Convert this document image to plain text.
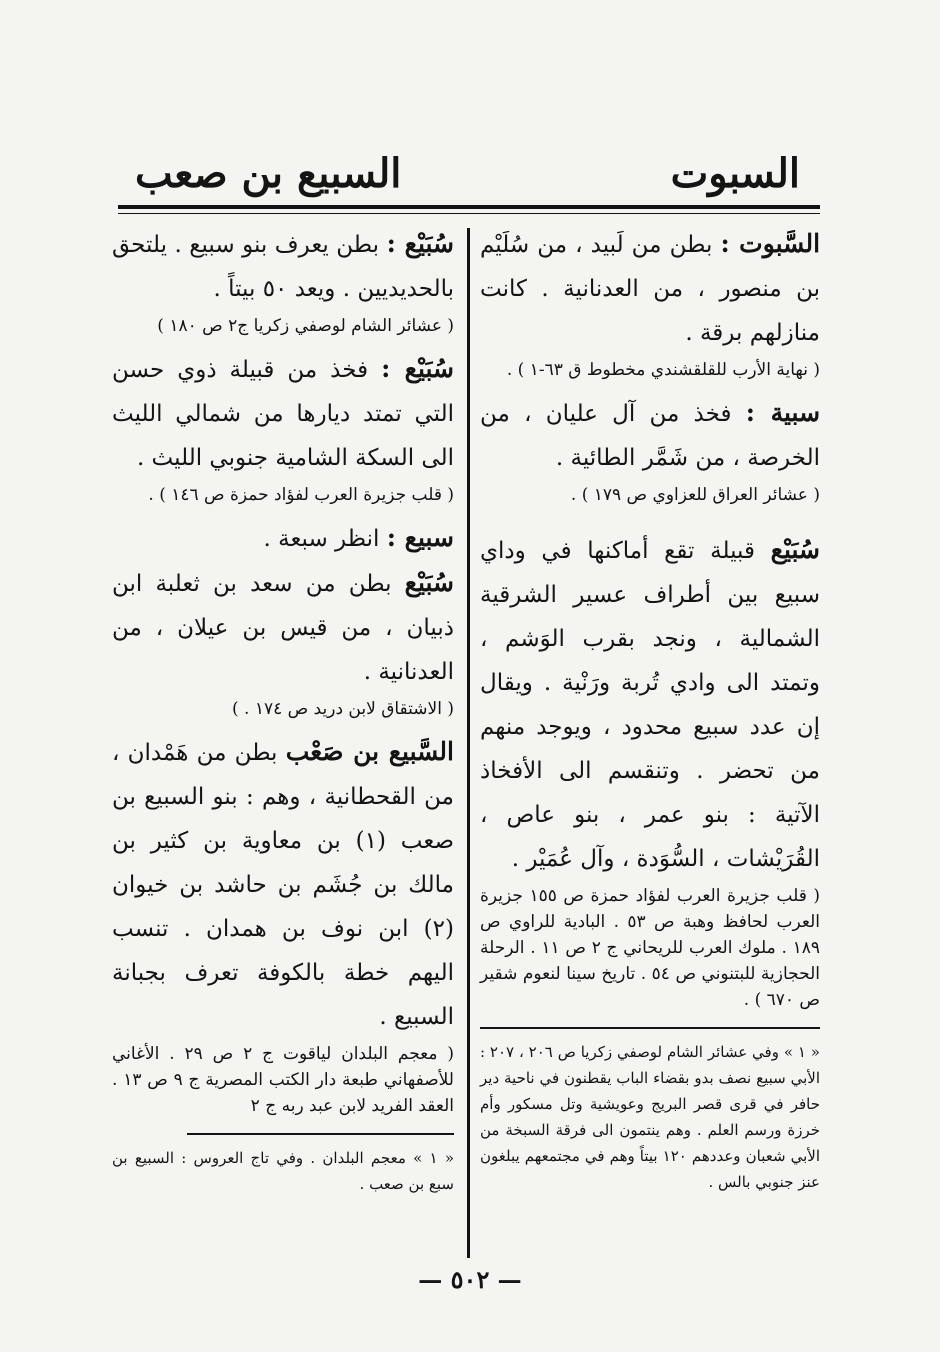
السبوت
السبيع بن صعب

السَّبوت : بطن من لَبيد ، من سُلَيْم بن منصور ، من العدنانية . كانت منازلهم برقة .

( نهاية الأرب للقلقشندي مخطوط ق ٦٣-١ ) .

سبية : فخذ من آل عليان ، من الخرصة ، من شَمَّر الطائية .

( عشائر العراق للعزاوي ص ١٧٩ ) .

سُبَيْع قبيلة تقع أماكنها في وداي سبيع بين أطراف عسير الشرقية الشمالية ، ونجد بقرب الوَشم ، وتمتد الى وادي تُربة ورَنْية . ويقال إن عدد سبيع محدود ، ويوجد منهم من تحضر . وتنقسم الى الأفخاذ الآتية : بنو عمر ، بنو عاص ، القُرَيْشات ، السُّوَدة ، وآل عُمَيْر .

( قلب جزيرة العرب لفؤاد حمزة ص ١٥٥ جزيرة العرب لحافظ وهبة ص ٥٣ . البادية للراوي ص ١٨٩ . ملوك العرب للريحاني ج ٢ ص ١١ . الرحلة الحجازية للبتنوني ص ٥٤ . تاريخ سينا لنعوم شقير ص ٦٧٠ ) .

« ١ » وفي عشائر الشام لوصفي زكريا ص ٢٠٦ ، ٢٠٧ : الأبي سبيع نصف بدو بقضاء الباب يقطنون في ناحية دير حافر في قرى قصر البريج وعويشية وتل مسكور وأم خرزة ورسم العلم . وهم ينتمون الى فرقة السبخة من الأبي شعبان وعددهم ١٢٠ بيتاً وهم في مجتمعهم يبلغون عنز جنوبي بالس .

سُبَيْع : بطن يعرف بنو سبيع . يلتحق بالحديديين . ويعد ٥٠ بيتاً .

( عشائر الشام لوصفي زكريا ج٢ ص ١٨٠ )

سُبَيْع : فخذ من قبيلة ذوي حسن التي تمتد ديارها من شمالي الليث الى السكة الشامية جنوبي الليث .

( قلب جزيرة العرب لفؤاد حمزة ص ١٤٦ ) .

سبيع : انظر سبعة .

سُبَيْع بطن من سعد بن ثعلبة ابن ذبيان ، من قيس بن عيلان ، من العدنانية .

( الاشتقاق لابن دريد ص ١٧٤ . )

السَّبيع بن صَعْب بطن من هَمْدان ، من القحطانية ، وهم : بنو السبيع بن صعب (١) بن معاوية بن كثير بن مالك بن جُشَم بن حاشد بن خيوان (٢) ابن نوف بن همدان . تنسب اليهم خطة بالكوفة تعرف بجبانة السبيع .

( معجم البلدان لياقوت ج ٢ ص ٢٩ . الأغاني للأصفهاني طبعة دار الكتب المصرية ج ٩ ص ١٣ . العقد الفريد لابن عبد ربه ج ٢

« ١ » معجم البلدان . وفي تاج العروس : السبيع بن سبع بن صعب .

— ٥٠٢ —
